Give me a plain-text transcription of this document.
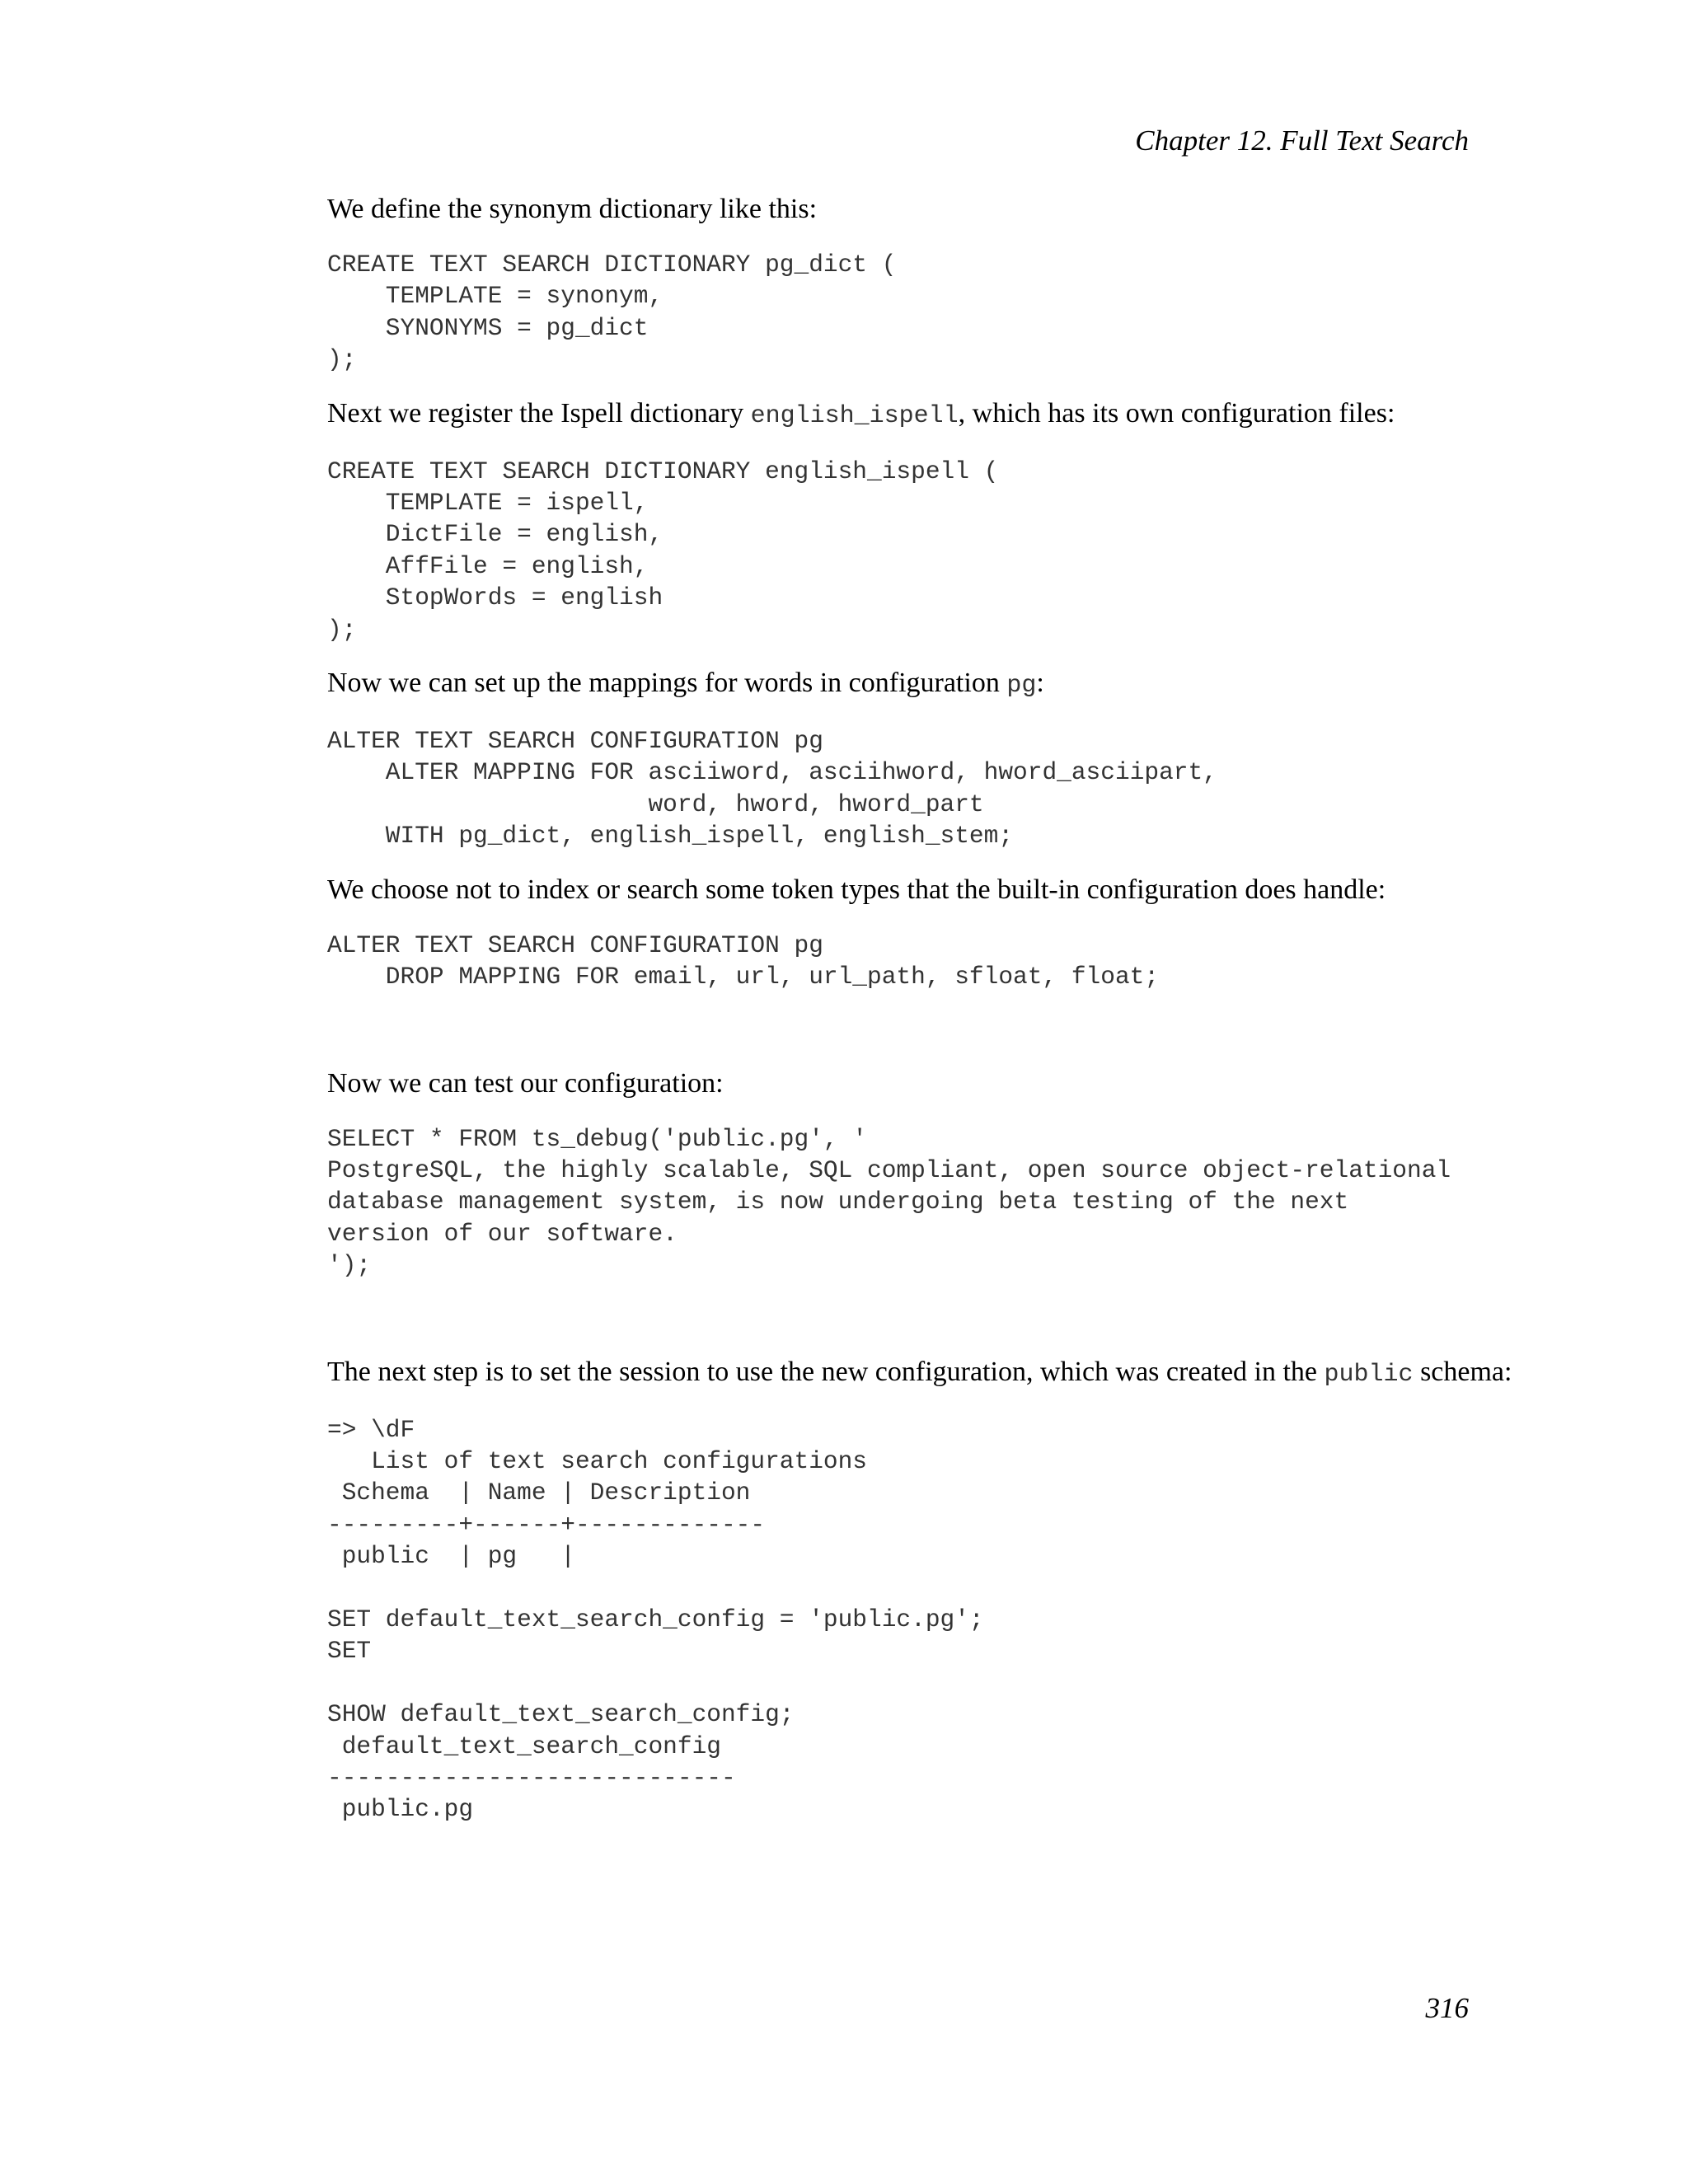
Chapter 12. Full Text Search

We define the synonym dictionary like this:

CREATE TEXT SEARCH DICTIONARY pg_dict (
TEMPLATE = synonym,
SYNONYMS = pg_dict
);

Next we register the Ispell dictionary english_ispell, which has its own configuration files:

CREATE TEXT SEARCH DICTIONARY english_ispell (
TEMPLATE = ispell,
DictFile = english,
AffFile = english,
StopWords = english
);

Now we can set up the mappings for words in configuration pg:

ALTER TEXT SEARCH CONFIGURATION pg
ALTER MAPPING FOR asciiword, asciihword, hword_asciipart,
word, hword, hword_part
WITH pg_dict, english_ispell, english_stem;

We choose not to index or search some token types that the built-in configuration does handle:

ALTER TEXT SEARCH CONFIGURATION pg
DROP MAPPING FOR email, url, url_path, sfloat, float;

Now we can test our configuration:

SELECT * FROM ts_debug('public.pg', '
PostgreSQL, the highly scalable, SQL compliant, open source object-relational
database management system, is now undergoing beta testing of the next
version of our software.
');

The next step is to set the session to use the new configuration, which was created in the public schema:

=> \dF
List of text search configurations
Schema  | Name | Description
---------+------+-------------
public  | pg   |

SET default_text_search_config = 'public.pg';
SET

SHOW default_text_search_config;
default_text_search_config
----------------------------
public.pg
316
